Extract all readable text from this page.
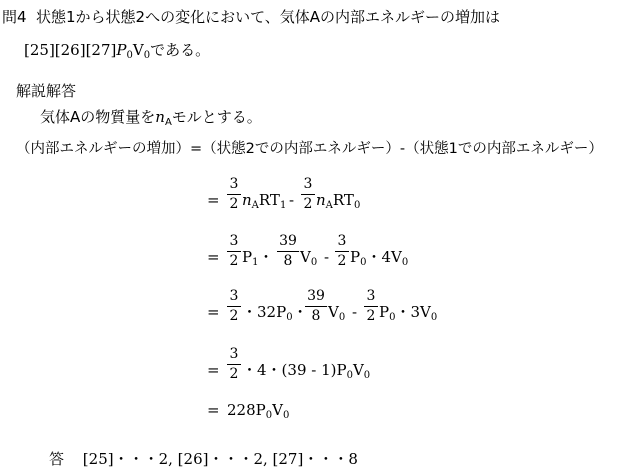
問4 状態1から状態2への変化において、気体Aの内部エネルギーの増加は
$[25][26][27]P_0V_0$である。
解説解答
気体Aの物質量を$n_A$モルとする。
（内部エネルギーの増加）=（状態2での内部エネルギー）-（状態1での内部エネルギー）
=
3
2 $n_ART_1$ -
3
2 $n_ART_0$
=
3
2 $P_1$・
39
8 $V_0$ -
3
2 $P_0$・$4V_0$
=
3
2 ・$32P_0$・
39
8 $V_0$ -
3
2 $P_0$・$3V_0$
=
3
2 ・4・$(39 - 1)P_0V_0$
= $228P_0V_0$
答 [25]・・・2, [26]・・・2, [27]・・・8
